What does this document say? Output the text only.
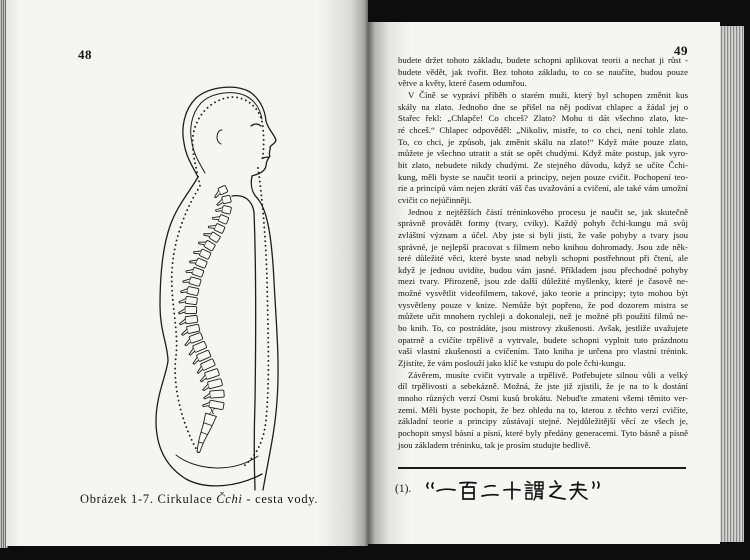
48
x
Obrázek 1-7. Cirkulace Čchi - cesta vody.
49
budete držet tohoto základu, budete schopni aplikovat teorii a nechat ji růst -
budete vědět, jak tvořit. Bez tohoto základu, to co se naučíte, budou pouze
větve a květy, které časem odumřou.
V Číně se vypráví příběh o starém muži, který byl schopen změnit kus
skály na zlato. Jednoho dne se přišel na něj podívat chlapec a žádal jej o
Stařec řekl: „Chlapče! Co chceš? Zlato? Mohu ti dát všechno zlato, kte-
ré chceš.“ Chlapec odpověděl: „Nikoliv, mistře, to co chci, není tohle zlato.
To, co chci, je způsob, jak změnit skálu na zlato!“ Když máte pouze zlato,
můžete je všechno utratit a stát se opět chudými. Když máte postup, jak vyro-
bit zlato, nebudete nikdy chudými. Ze stejného důvodu, když se učíte Čchi-
kung, měli byste se naučit teorii a principy, nejen pouze cvičit. Pochopení teo-
rie a principů vám nejen zkrátí váš čas uvažování a cvičení, ale také vám umožní
cvičit co nejúčinněji.
Jednou z nejtěžších částí tréninkového procesu je naučit se, jak skutečně
správně provádět formy (tvary, cviky). Každý pohyb čchi-kungu má svůj
zvláštní význam a účel. Aby jste si byli jisti, že vaše pohyby a tvary jsou
správné, je nejlepší pracovat s filmem nebo knihou dohromady. Jsou zde něk-
teré důležité věci, které byste snad nebyli schopni postřehnout při čtení, ale
když je jednou uvidíte, budou vám jasné. Příkladem jsou přechodné pohyby
mezi tvary. Přirozeně, jsou zde další důležité myšlenky, které je časově ne-
možné vysvětlit videofilmem, takové, jako teorie a principy; tyto mohou být
vysvětleny pouze v knize. Nemůže být popřeno, že pod dozorem mistra se
můžete učit mnohem rychleji a dokonaleji, než je možné při použití filmů ne-
bo knih. To, co postrádáte, jsou mistrovy zkušenosti. Avšak, jestliže uvažujete
opatrně a cvičíte trpělivě a vytrvale, budete schopni vyplnit tuto prázdnotu
vaší vlastní zkušeností a cvičením. Tato kniha je určena pro vlastní trénink.
Zjistíte, že vám poslouží jako klíč ke vstupu do pole čchi-kungu.
Závěrem, musíte cvičit vytrvale a trpělivě. Potřebujete silnou vůli a velký
díl trpělivosti a sebekázně. Možná, že jste již zjistili, že je na to k dostání
mnoho různých verzí Osmi kusů brokátu. Nebuďte zmateni všemi těmito ver-
zemi. Měli byste pochopit, že bez ohledu na to, kterou z těchto verzí cvičíte,
základní teorie a principy zůstávají stejné. Nejdůležitější věcí ze všech je,
pochopit smysl básní a písní, které byly předány generacemi. Tyto básně a písně
jsou základem tréninku, tak je prosím studujte bedlivě.
(1).
